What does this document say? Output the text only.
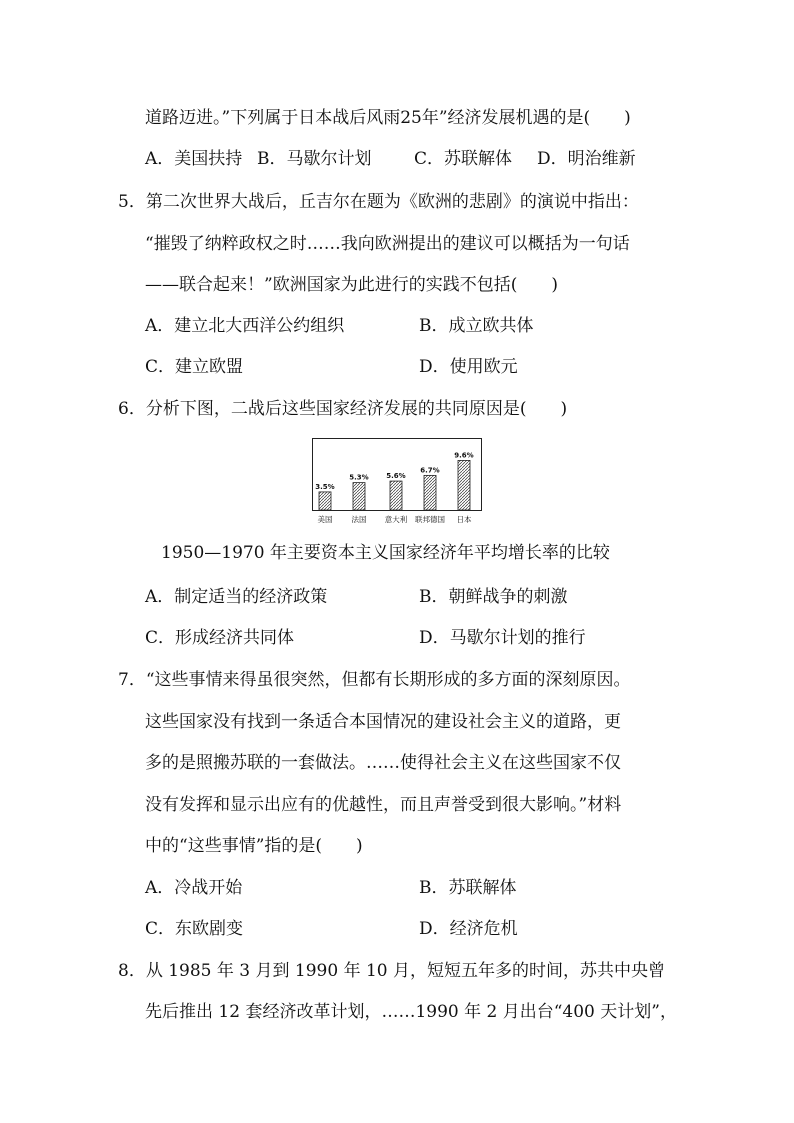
道路迈进。”下列属于日本战后风雨25年”经济发展机遇的是(　　)
A．美国扶持 B．马歇尔计划	C．苏联解体 D．明治维新
5．第二次世界大战后，丘吉尔在题为《欧洲的悲剧》的演说中指出：
“摧毁了纳粹政权之时……我向欧洲提出的建议可以概括为一句话
——联合起来！”欧洲国家为此进行的实践不包括(　　)
A．建立北大西洋公约组织	B．成立欧共体
C．建立欧盟	D．使用欧元
6．分析下图，二战后这些国家经济发展的共同原因是(　　)
3.5%
5.3%	5.6%
6.7%
9.6%
美国	法国 意大利 联邦德国 日本
1950—1970 年主要资本主义国家经济年平均增长率的比较
A．制定适当的经济政策	B．朝鲜战争的刺激
C．形成经济共同体	D．马歇尔计划的推行
7．“这些事情来得虽很突然，但都有长期形成的多方面的深刻原因。
这些国家没有找到一条适合本国情况的建设社会主义的道路，更
多的是照搬苏联的一套做法。……使得社会主义在这些国家不仅
没有发挥和显示出应有的优越性，而且声誉受到很大影响。”材料
中的“这些事情”指的是(　　)
A．冷战开始	B．苏联解体
C．东欧剧变	D．经济危机
8．从 1985 年 3 月到 1990 年 10 月，短短五年多的时间，苏共中央曾
先后推出 12 套经济改革计划，……1990 年 2 月出台“400 天计划”，
